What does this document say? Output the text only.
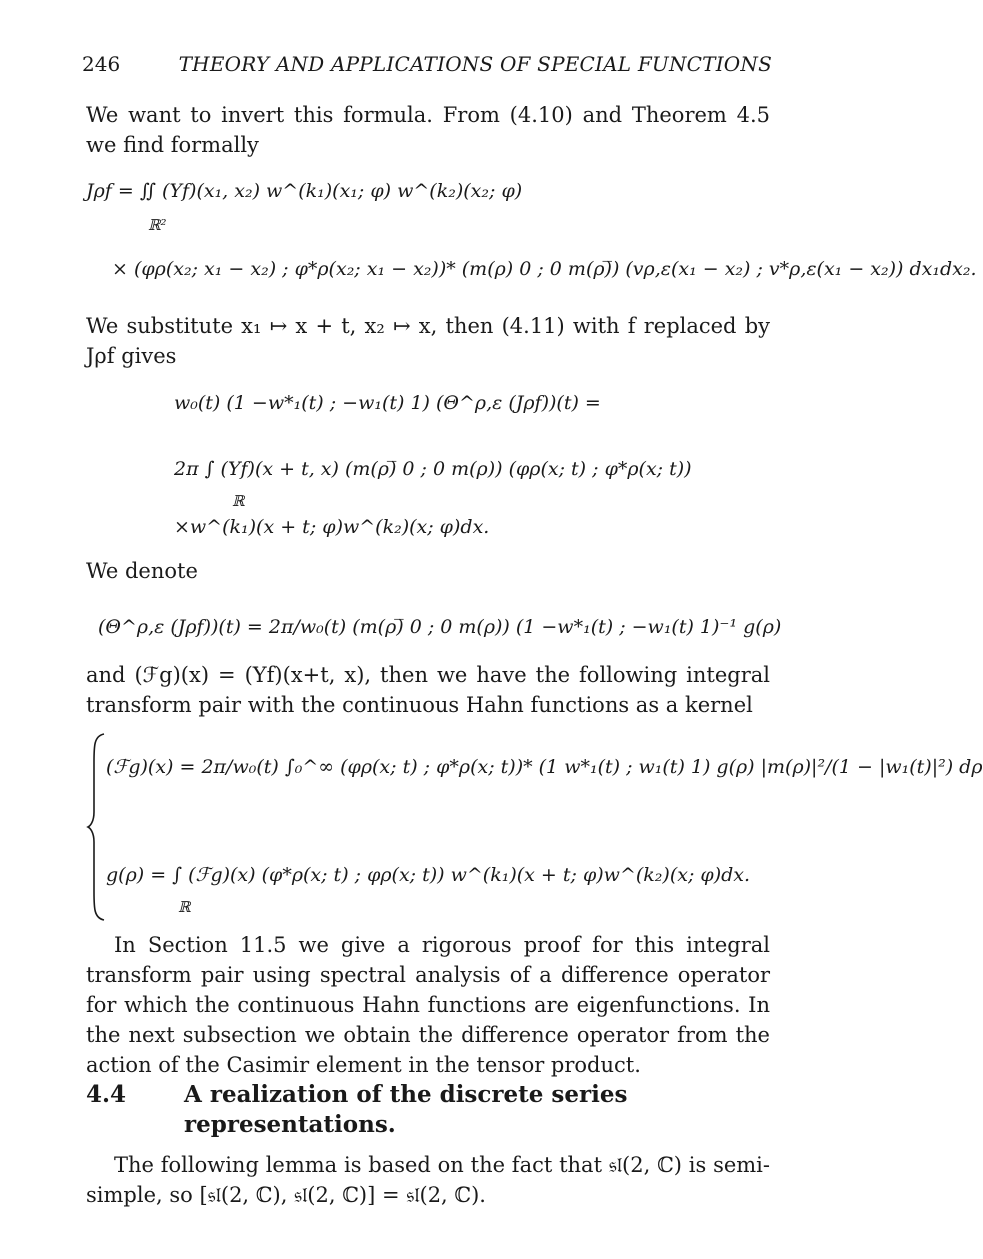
246	THEORY AND APPLICATIONS OF SPECIAL FUNCTIONS
We want to invert this formula. From (4.10) and Theorem 4.5 we find formally
Jρf = ∬ (Υf)(x₁, x₂) w^(k₁)(x₁; φ) w^(k₂)(x₂; φ)
ℝ²
× (φρ(x₂; x₁ − x₂) ; φ*ρ(x₂; x₁ − x₂))* (m(ρ) 0 ; 0 m(ρ)̅) (vρ,ε(x₁ − x₂) ; v*ρ,ε(x₁ − x₂)) dx₁dx₂.
We substitute x₁ ↦ x + t, x₂ ↦ x, then (4.11) with f replaced by Jρf gives
w₀(t) (1 −w*₁(t) ; −w₁(t) 1) (Θ^ρ,ε (Jρf))(t) =
2π ∫ (Υf)(x + t, x) (m(ρ)̅ 0 ; 0 m(ρ)) (φρ(x; t) ; φ*ρ(x; t))
ℝ
×w^(k₁)(x + t; φ)w^(k₂)(x; φ)dx.
We denote
(Θ^ρ,ε (Jρf))(t) = 2π/w₀(t) (m(ρ)̅ 0 ; 0 m(ρ)) (1 −w*₁(t) ; −w₁(t) 1)⁻¹ g(ρ)
and (ℱg)(x) = (Υf)(x+t, x), then we have the following integral transform pair with the continuous Hahn functions as a kernel
(ℱg)(x) = 2π/w₀(t) ∫₀^∞ (φρ(x; t) ; φ*ρ(x; t))* (1 w*₁(t) ; w₁(t) 1) g(ρ) |m(ρ)|²/(1 − |w₁(t)|²) dρ
g(ρ) = ∫ (ℱg)(x) (φ*ρ(x; t) ; φρ(x; t)) w^(k₁)(x + t; φ)w^(k₂)(x; φ)dx.
ℝ
In Section 11.5 we give a rigorous proof for this integral transform pair using spectral analysis of a difference operator for which the continuous Hahn functions are eigenfunctions. In the next subsection we obtain the difference operator from the action of the Casimir element in the tensor product.
4.4	A realization of the discrete series representations.
The following lemma is based on the fact that 𝔰𝔩(2, ℂ) is semi-simple, so [𝔰𝔩(2, ℂ), 𝔰𝔩(2, ℂ)] = 𝔰𝔩(2, ℂ).
